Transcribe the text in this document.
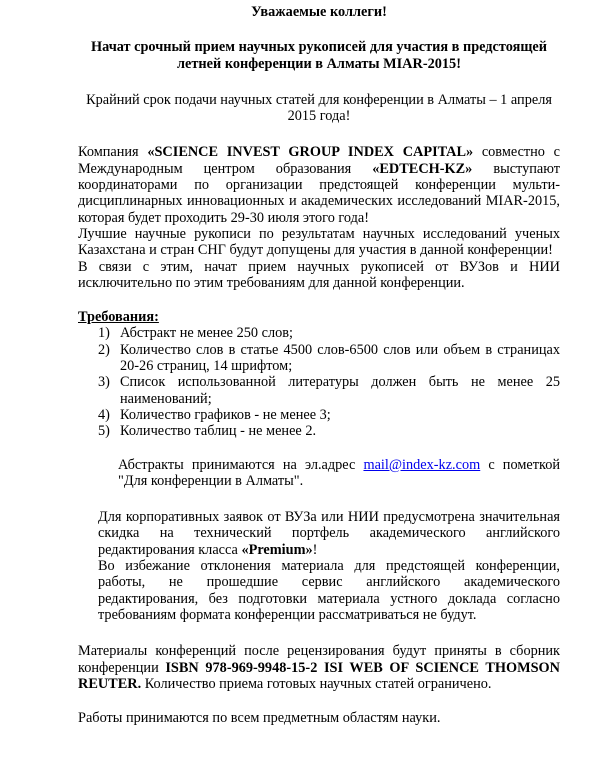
Уважаемые коллеги!

Начат срочный прием научных рукописей для участия в предстоящей летней конференции в Алматы MIAR-2015!

Крайний срок подачи научных статей для конференции в Алматы – 1 апреля 2015 года!

Компания «SCIENCE INVEST GROUP INDEX CAPITAL» совместно с Международным центром образования «EDTECH-KZ» выступают координаторами по организации предстоящей конференции мульти-дисциплинарных инновационных и академических исследований MIAR-2015, которая будет проходить 29-30 июля этого года!

Лучшие научные рукописи по результатам научных исследований ученых Казахстана и стран СНГ будут допущены для участия в данной конференции!

В связи с этим, начат прием научных рукописей от ВУЗов и НИИ исключительно по этим требованиям для данной конференции.

Требования:

1) Абстракт не менее 250 слов;
2) Количество слов в статье 4500 слов-6500 слов или объем в страницах 20-26 страниц, 14 шрифтом;
3) Список использованной литературы должен быть не менее 25 наименований;
4) Количество графиков - не менее 3;
5) Количество таблиц - не менее 2.

Абстракты принимаются на эл.адрес mail@index-kz.com с пометкой "Для конференции в Алматы".

Для корпоративных заявок от ВУЗа или НИИ предусмотрена значительная скидка на технический портфель академического английского редактирования класса «Premium»!

Во избежание отклонения материала для предстоящей конференции, работы, не прошедшие сервис английского академического редактирования, без подготовки материала устного доклада согласно требованиям формата конференции рассматриваться не будут.

Материалы конференций после рецензирования будут приняты в сборник конференции ISBN 978-969-9948-15-2 ISI WEB OF SCIENCE THOMSON REUTER. Количество приема готовых научных статей ограничено.

Работы принимаются по всем предметным областям науки.
